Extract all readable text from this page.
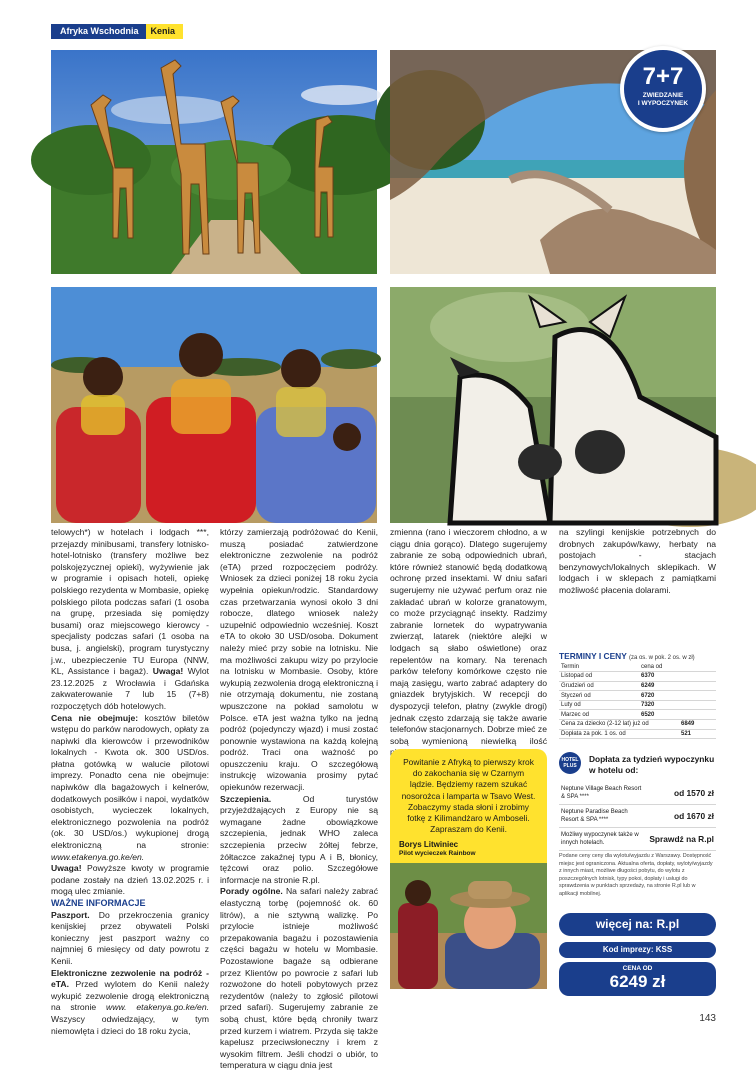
Afryka Wschodnia	Kenia
7+7
ZWIEDZANIE
I WYPOCZYNEK

telowych*) w hotelach i lodgach ***, przejazdy minibusami, transfery lotnisko-hotel-lotnisko (transfery możliwe bez polskojęzycznej opieki), wyżywienie jak w programie i opisach hoteli, opiekę polskiego rezydenta w Mombasie, opiekę polskiego pilota podczas safari (1 osoba na grupę, przesiada się pomiędzy busami) oraz miejscowego kierowcy - specjalisty podczas safari (1 osoba na busa, j. angielski), program turystyczny j.w., ubezpieczenie TU Europa (NNW, KL, Assistance i bagaż). Uwaga! Wylot 23.12.2025 z Wrocławia i Gdańska zakwaterowanie 7 lub 15 (7+8) rozpoczętych dób hotelowych.

Cena nie obejmuje: kosztów biletów wstępu do parków narodowych, opłaty za napiwki dla kierowców i przewodników lokalnych - Kwota ok. 300 USD/os. płatna gotówką w walucie pilotowi imprezy. Ponadto cena nie obejmuje: napiwków dla bagażowych i kelnerów, dodatkowych posiłków i napoi, wydatków osobistych, wycieczek lokalnych, elektronicznego pozwolenia na podróż (ok. 30 USD/os.) wykupionej drogą elektroniczną na stronie: www.etakenya.go.ke/en.

Uwaga! Powyższe kwoty w programie podane zostały na dzień 13.02.2025 r. i mogą ulec zmianie.

WAŻNE INFORMACJE

Paszport. Do przekroczenia granicy kenijskiej przez obywateli Polski konieczny jest paszport ważny co najmniej 6 miesięcy od daty powrotu z Kenii.

Elektroniczne zezwolenie na podróż - eTA. Przed wylotem do Kenii należy wykupić zezwolenie drogą elektroniczną na stronie www. etakenya.go.ke/en. Wszyscy odwiedzający, w tym niemowlęta i dzieci do 18 roku życia,

którzy zamierzają podróżować do Kenii, muszą posiadać zatwierdzone elektroniczne zezwolenie na podróż (eTA) przed rozpoczęciem podróży. Wniosek za dzieci poniżej 18 roku życia wypełnia opiekun/rodzic. Standardowy czas przetwarzania wynosi około 3 dni robocze, dlatego wniosek należy uzupełnić odpowiednio wcześniej. Koszt eTA to około 30 USD/osoba. Dokument należy mieć przy sobie na lotnisku. Nie ma możliwości zakupu wizy po przylocie na lotnisku w Mombasie. Osoby, które wykupią zezwolenia drogą elektroniczną i nie otrzymają dokumentu, nie zostaną wpuszczone na pokład samolotu w Polsce. eTA jest ważna tylko na jedną podróż (pojedynczy wjazd) i musi zostać ponownie wystawiona na każdą kolejną podróż. Traci ona ważność po opuszczeniu kraju. O szczegółową instrukcję wizowania prosimy pytać opiekunów rezerwacji.

Szczepienia.	Od turystów przyjeżdżających z Europy nie są wymagane żadne obowiązkowe szczepienia, jednak WHO zaleca szczepienia przeciw żółtej febrze, żółtaczce zakaźnej typu A i B, błonicy, tężcowi oraz polio. Szczegółowe informacje na stronie R.pl.

Porady ogólne. Na safari należy zabrać elastyczną torbę (pojemność ok. 60 litrów), a nie sztywną walizkę. Po przylocie istnieje możliwość przepakowania bagażu i pozostawienia części bagażu w hotelu w Mombasie. Pozostawione bagaże są odbierane przez Klientów po powrocie z safari lub rozwożone do hoteli pobytowych przez rezydentów (należy to zgłosić pilotowi przed safari). Sugerujemy zabranie ze sobą chust, które będą chroniły twarz przed kurzem i wiatrem. Przyda się także kapelusz przeciwsłoneczny i krem z wysokim filtrem. Jeśli chodzi o ubiór, to temperatura w ciągu dnia jest

zmienna (rano i wieczorem chłodno, a w ciągu dnia gorąco). Dlatego sugerujemy zabranie ze sobą odpowiednich ubrań, które również stanowić będą dodatkową ochronę przed insektami. W dniu safari sugerujemy nie używać perfum oraz nie zakładać ubrań w kolorze granatowym, co może przyciągnąć insekty. Radzimy zabranie lornetek do wypatrywania zwierząt, latarek (niektóre alejki w lodgach są słabo oświetlone) oraz repelentów na komary. Na terenach parków telefony komórkowe często nie mają zasięgu, warto zabrać adaptery do gniazdek brytyjskich. W recepcji do dyspozycji telefon, płatny (zwykle drogi) jednak często zdarzają się także awarie telefonów stacjonarnych. Dobrze mieć ze sobą wymienioną niewielką ilość

na szylingi kenijskie potrzebnych do drobnych zakupów/kawy, herbaty na postojach - stacjach benzynowych/lokalnych sklepikach. W lodgach i w sklepach z pamiątkami możliwość płacenia dolarami.

Powitanie z Afryką to pierwszy krok do zakochania się w Czarnym lądzie. Będziemy razem szukać nosorożca i lamparta w Tsavo West. Zobaczymy stada słoni i zrobimy fotkę z Kilimandżaro w Amboseli. Zapraszam do Kenii.
Borys Litwiniec
Pilot wycieczek Rainbow
TERMINY I CENY (za os. w pok. 2 os. w zł)
Termin	cena od	
Listopad od	6370	
Grudzień od	6249	
Styczeń od	6720	
Luty od	7320	
Marzec od	6520	
Cena za dziecko (2-12 lat) już od		6849
Dopłata za pok. 1 os. od		521
HOTEL PLUS
Dopłata za tydzień wypoczynku w hotelu od:
Neptune Village Beach Resort & SPA ****	od 1570 zł
Neptune Paradise Beach Resort & SPA ****	od 1670 zł
Możliwy wypoczynek także w innych hotelach.	Sprawdź na R.pl
Podane ceny ceny dla wylotu/wyjazdu z Warszawy. Dostępność miejsc jest ograniczona. Aktualna oferta, dopłaty, wyloty/wyjazdy z innych miast, możliwe długości pobytu, do wylotu z poszczególnych lotnisk, typy pokoi, dopłaty i usługi do sprawdzenia w punktach sprzedaży, na stronie R.pl lub w aplikacji mobilnej.
więcej na: R.pl
Kod imprezy: KSS
CENA OD
6249 zł
143
